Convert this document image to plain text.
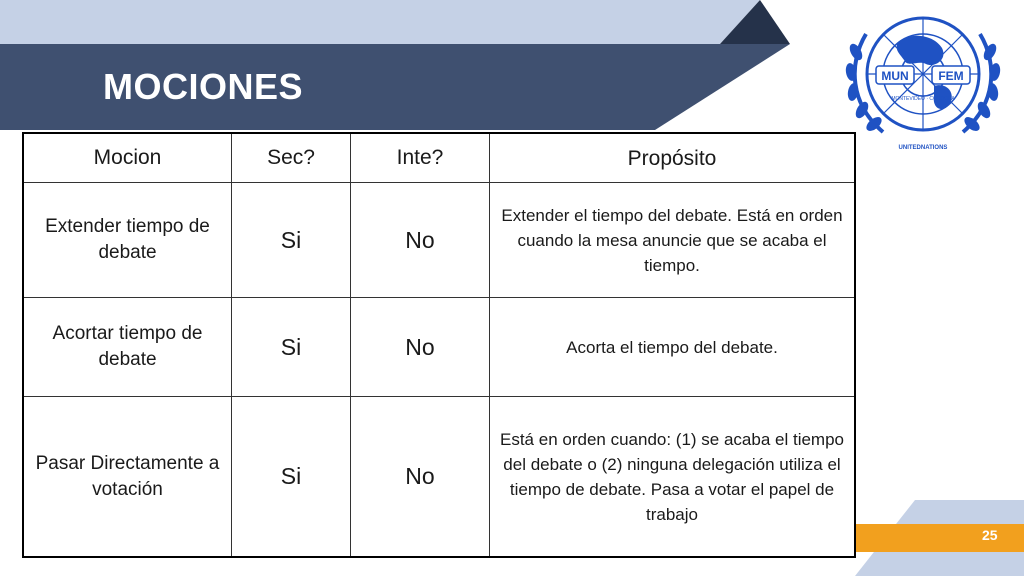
MOCIONES	MUN FEM
MONTEVIDEO · CORDOBA
UNITEDNATIONS
Mocion	Sec?	Inte?	Propósito
Extender tiempo de debate	Si	No	Extender el tiempo del debate. Está en orden cuando la mesa anuncie que se acaba el tiempo.
Acortar tiempo de debate	Si	No	Acorta el tiempo del debate.
Pasar Directamente a votación	Si	No	Está en orden cuando: (1) se acaba el tiempo del debate o (2) ninguna delegación utiliza el tiempo de debate. Pasa a votar el papel de trabajo
25
